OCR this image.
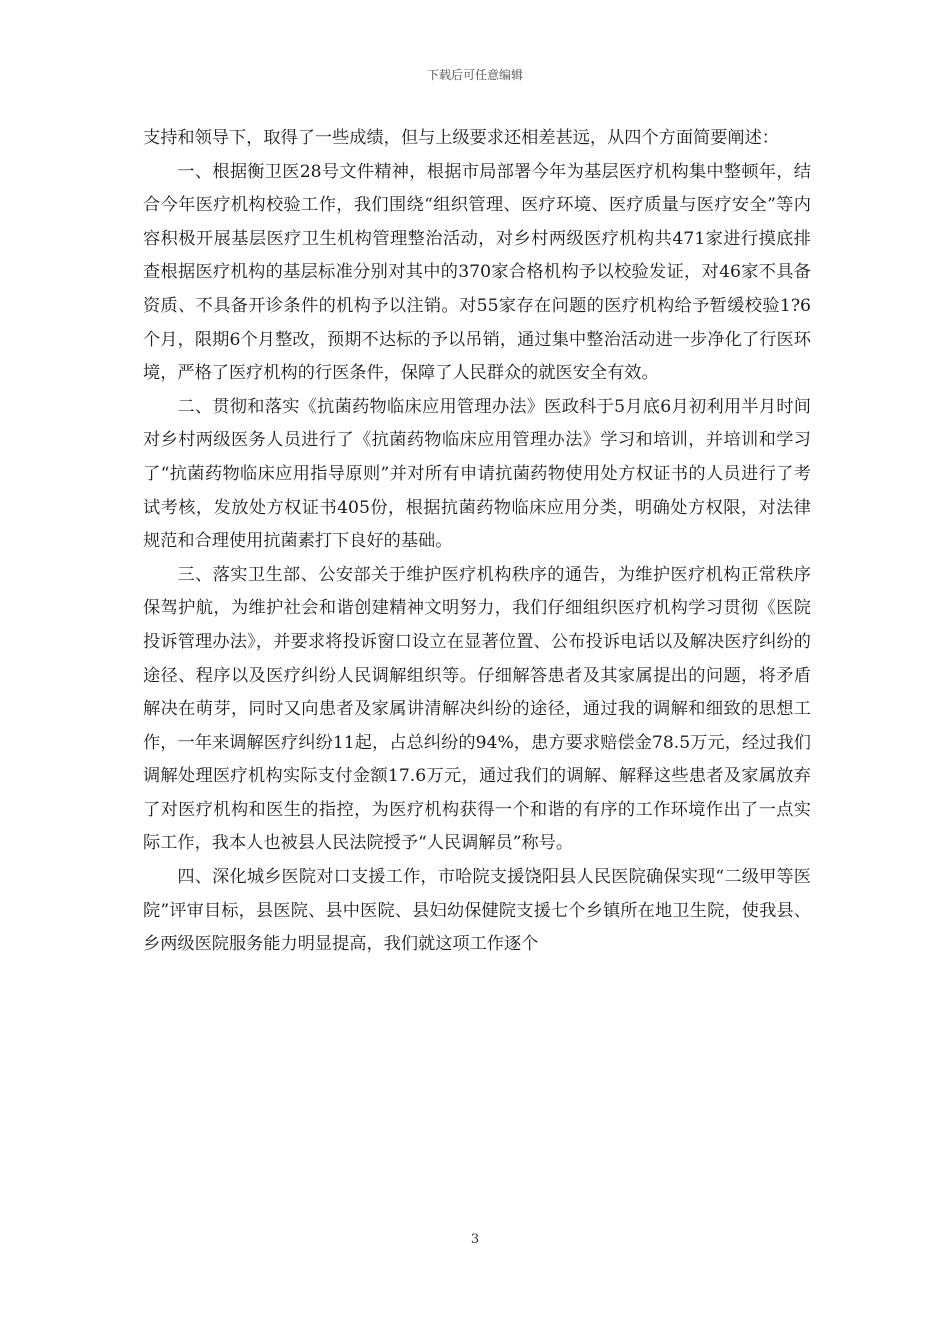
下载后可任意编辑

支持和领导下，取得了一些成绩，但与上级要求还相差甚远，从四个方面简要阐述：

一、根据衡卫医28号文件精神，根据市局部署今年为基层医疗机构集中整顿年，结合今年医疗机构校验工作，我们围绕“组织管理、医疗环境、医疗质量与医疗安全”等内容积极开展基层医疗卫生机构管理整治活动，对乡村两级医疗机构共471家进行摸底排查根据医疗机构的基层标准分别对其中的370家合格机构予以校验发证，对46家不具备资质、不具备开诊条件的机构予以注销。对55家存在问题的医疗机构给予暂缓校验1?6个月，限期6个月整改，预期不达标的予以吊销，通过集中整治活动进一步净化了行医环境，严格了医疗机构的行医条件，保障了人民群众的就医安全有效。

二、贯彻和落实《抗菌药物临床应用管理办法》医政科于5月底6月初利用半月时间对乡村两级医务人员进行了《抗菌药物临床应用管理办法》学习和培训，并培训和学习了“抗菌药物临床应用指导原则”并对所有申请抗菌药物使用处方权证书的人员进行了考试考核，发放处方权证书405份，根据抗菌药物临床应用分类，明确处方权限，对法律规范和合理使用抗菌素打下良好的基础。

三、落实卫生部、公安部关于维护医疗机构秩序的通告，为维护医疗机构正常秩序保驾护航，为维护社会和谐创建精神文明努力，我们仔细组织医疗机构学习贯彻《医院投诉管理办法》，并要求将投诉窗口设立在显著位置、公布投诉电话以及解决医疗纠纷的途径、程序以及医疗纠纷人民调解组织等。仔细解答患者及其家属提出的问题，将矛盾解决在萌芽，同时又向患者及家属讲清解决纠纷的途径，通过我的调解和细致的思想工作，一年来调解医疗纠纷11起，占总纠纷的94%，患方要求赔偿金78.5万元，经过我们调解处理医疗机构实际支付金额17.6万元，通过我们的调解、解释这些患者及家属放弃了对医疗机构和医生的指控，为医疗机构获得一个和谐的有序的工作环境作出了一点实际工作，我本人也被县人民法院授予“人民调解员”称号。

四、深化城乡医院对口支援工作，市哈院支援饶阳县人民医院确保实现“二级甲等医院”评审目标，县医院、县中医院、县妇幼保健院支援七个乡镇所在地卫生院，使我县、乡两级医院服务能力明显提高，我们就这项工作逐个

3
